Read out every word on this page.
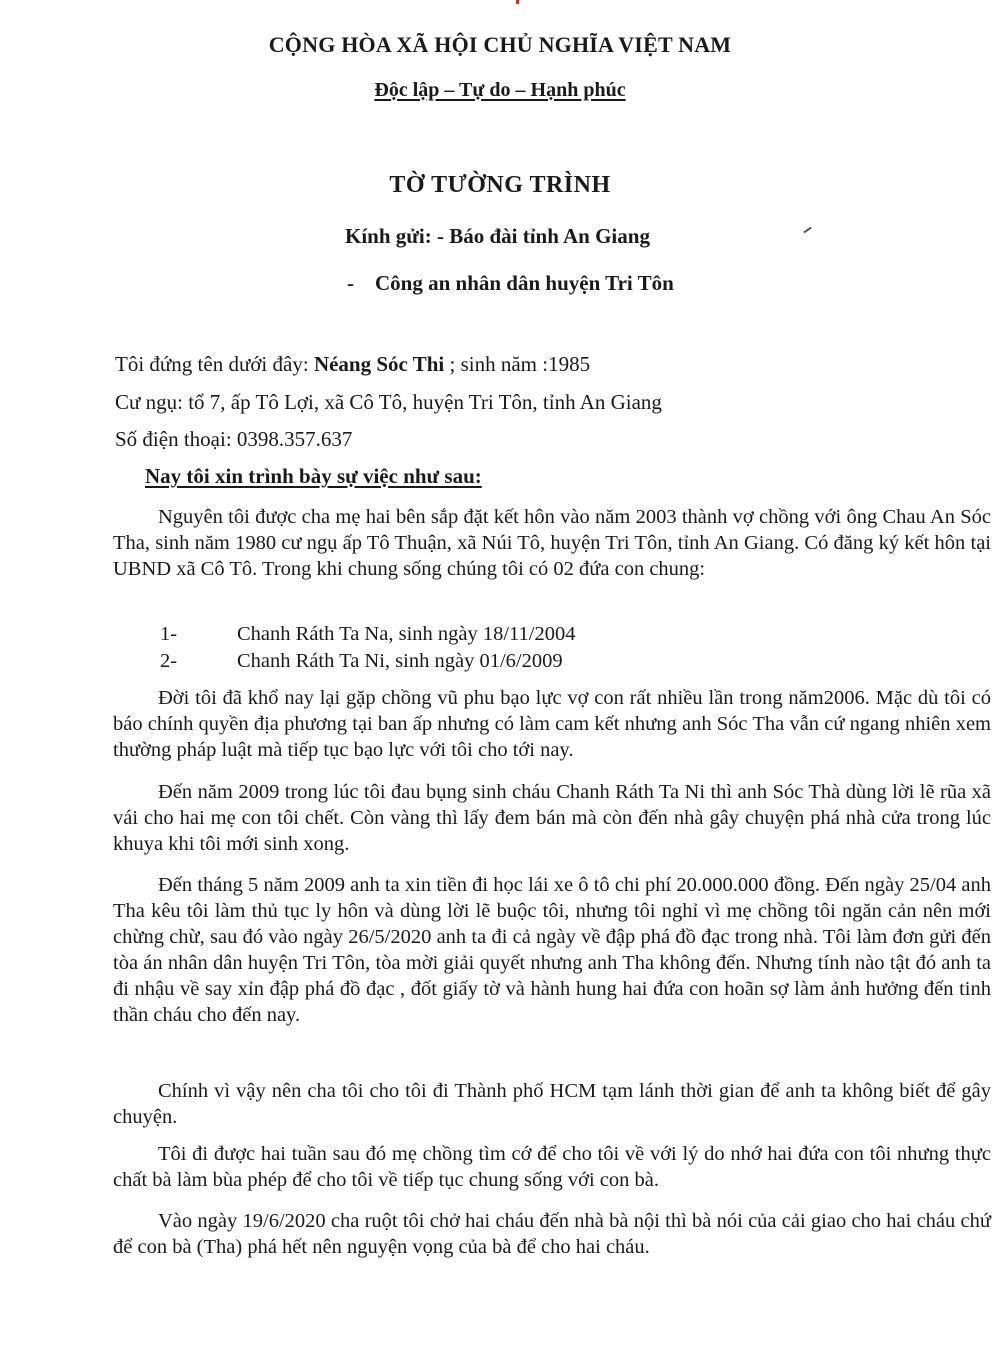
CỘNG HÒA XÃ HỘI CHỦ NGHĨA VIỆT NAM
Độc lập – Tự do – Hạnh phúc
TỜ TƯỜNG TRÌNH
Kính gửi: - Báo đài tỉnh An Giang
-    Công an nhân dân huyện Tri Tôn
Tôi đứng tên dưới đây: Néang Sóc Thi ; sinh năm :1985
Cư ngụ: tổ 7, ấp Tô Lợi, xã Cô Tô, huyện Tri Tôn, tỉnh An Giang
Số điện thoại: 0398.357.637
Nay tôi xin trình bày sự việc như sau:

Nguyên tôi được cha mẹ hai bên sắp đặt kết hôn vào năm 2003 thành vợ chồng với ông Chau An Sóc Tha, sinh năm 1980 cư ngụ ấp Tô Thuận, xã Núi Tô, huyện Tri Tôn, tỉnh An Giang. Có đăng ký kết hôn tại UBND xã Cô Tô. Trong khi chung sống chúng tôi có 02 đứa con chung:

1-	Chanh Ráth Ta Na, sinh ngày 18/11/2004
2-	Chanh Ráth Ta Ni, sinh ngày 01/6/2009

Đời tôi đã khổ nay lại gặp chồng vũ phu bạo lực vợ con rất nhiều lần trong năm2006. Mặc dù tôi có báo chính quyền địa phương tại ban ấp nhưng có làm cam kết nhưng anh Sóc Tha vẫn cứ ngang nhiên xem thường pháp luật mà tiếp tục bạo lực với tôi cho tới nay.

Đến năm 2009 trong lúc tôi đau bụng sinh cháu Chanh Ráth Ta Ni thì anh Sóc Thà dùng lời lẽ rũa xã vái cho hai mẹ con tôi chết. Còn vàng thì lấy đem bán mà còn đến nhà gây chuyện phá nhà cửa trong lúc khuya khi tôi mới sinh xong.

Đến tháng 5 năm 2009 anh ta xin tiền đi học lái xe ô tô chi phí 20.000.000 đồng. Đến ngày 25/04 anh Tha kêu tôi làm thủ tục ly hôn và dùng lời lẽ buộc tôi, nhưng tôi nghỉ vì mẹ chồng tôi ngăn cản nên mới chừng chừ, sau đó vào ngày 26/5/2020 anh ta đi cả ngày về đập phá đồ đạc trong nhà. Tôi làm đơn gửi đến tòa án nhân dân huyện Tri Tôn, tòa mời giải quyết nhưng anh Tha không đến. Nhưng tính nào tật đó anh ta đi nhậu về say xỉn đập phá đồ đạc , đốt giấy tờ và hành hung hai đứa con hoãn sợ làm ảnh hưởng đến tinh thần cháu cho đến nay.

Chính vì vậy nên cha tôi cho tôi đi Thành phố HCM tạm lánh thời gian để anh ta không biết để gây chuyện.

Tôi đi được hai tuần sau đó mẹ chồng tìm cớ để cho tôi về với lý do nhớ hai đứa con tôi nhưng thực chất bà làm bùa phép để cho tôi về tiếp tục chung sống với con bà.

Vào ngày 19/6/2020 cha ruột tôi chở hai cháu đến nhà bà nội thì bà nói của cải giao cho hai cháu chứ để con bà (Tha) phá hết nên nguyện vọng của bà để cho hai cháu.
